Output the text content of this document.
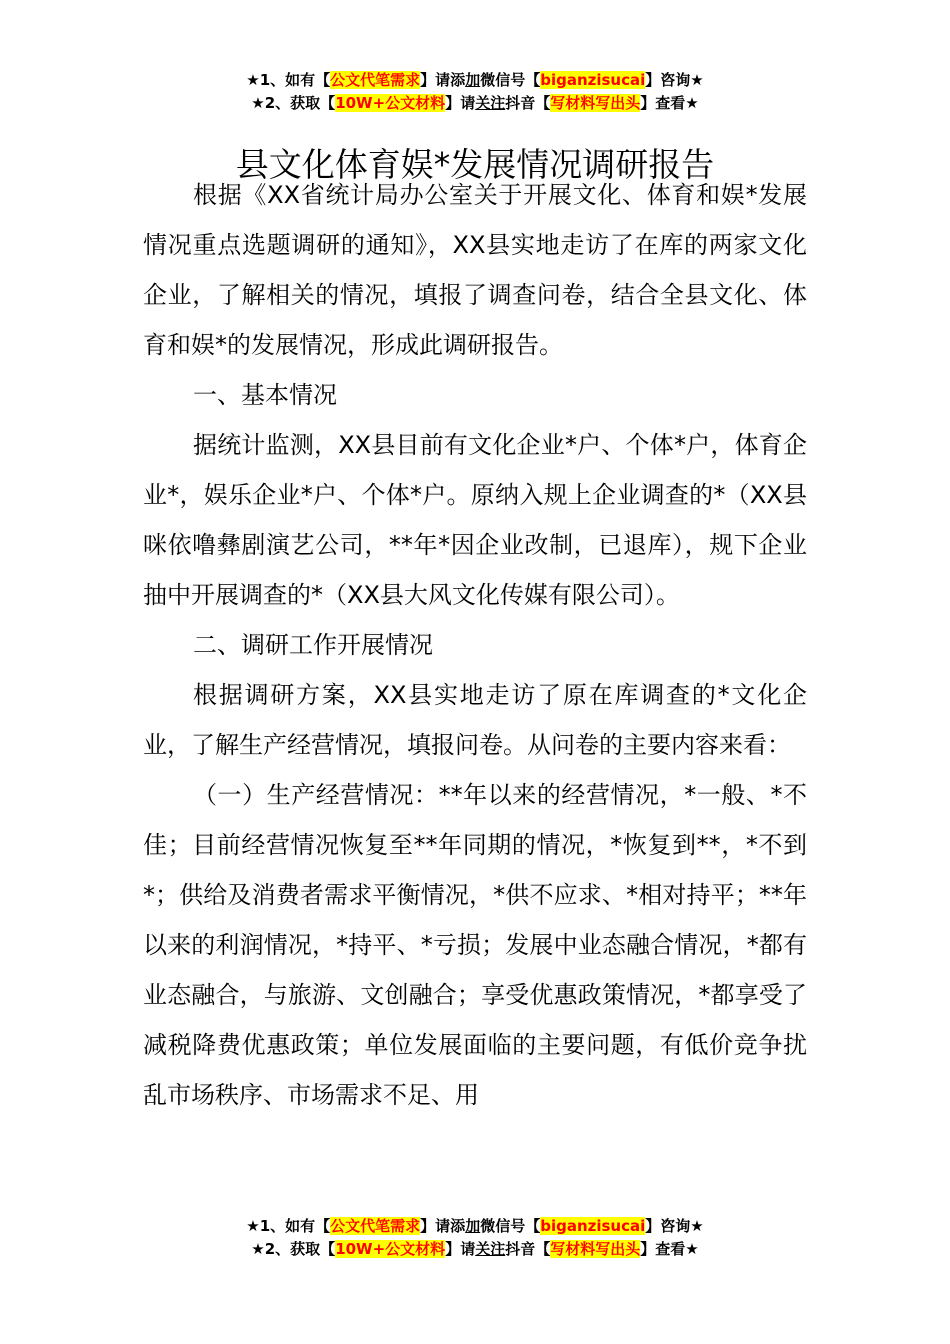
★1、如有【公文代笔需求】请添加微信号【biganzisucai】咨询★
★2、获取【10W+公文材料】请关注抖音【写材料写出头】查看★
县文化体育娱*发展情况调研报告

根据《XX省统计局办公室关于开展文化、体育和娱*发展情况重点选题调研的通知》，XX县实地走访了在库的两家文化企业，了解相关的情况，填报了调查问卷，结合全县文化、体育和娱*的发展情况，形成此调研报告。

一、基本情况

据统计监测，XX县目前有文化企业*户、个体*户，体育企业*，娱乐企业*户、个体*户。原纳入规上企业调查的*（XX县咪依噜彝剧演艺公司，**年*因企业改制，已退库），规下企业抽中开展调查的*（XX县大风文化传媒有限公司）。

二、调研工作开展情况

根据调研方案，XX县实地走访了原在库调查的*文化企业，了解生产经营情况，填报问卷。从问卷的主要内容来看：

（一）生产经营情况：**年以来的经营情况，*一般、*不佳；目前经营情况恢复至**年同期的情况，*恢复到**，*不到*；供给及消费者需求平衡情况，*供不应求、*相对持平；**年以来的利润情况，*持平、*亏损；发展中业态融合情况，*都有业态融合，与旅游、文创融合；享受优惠政策情况，*都享受了减税降费优惠政策；单位发展面临的主要问题，有低价竞争扰乱市场秩序、市场需求不足、用

★1、如有【公文代笔需求】请添加微信号【biganzisucai】咨询★
★2、获取【10W+公文材料】请关注抖音【写材料写出头】查看★
